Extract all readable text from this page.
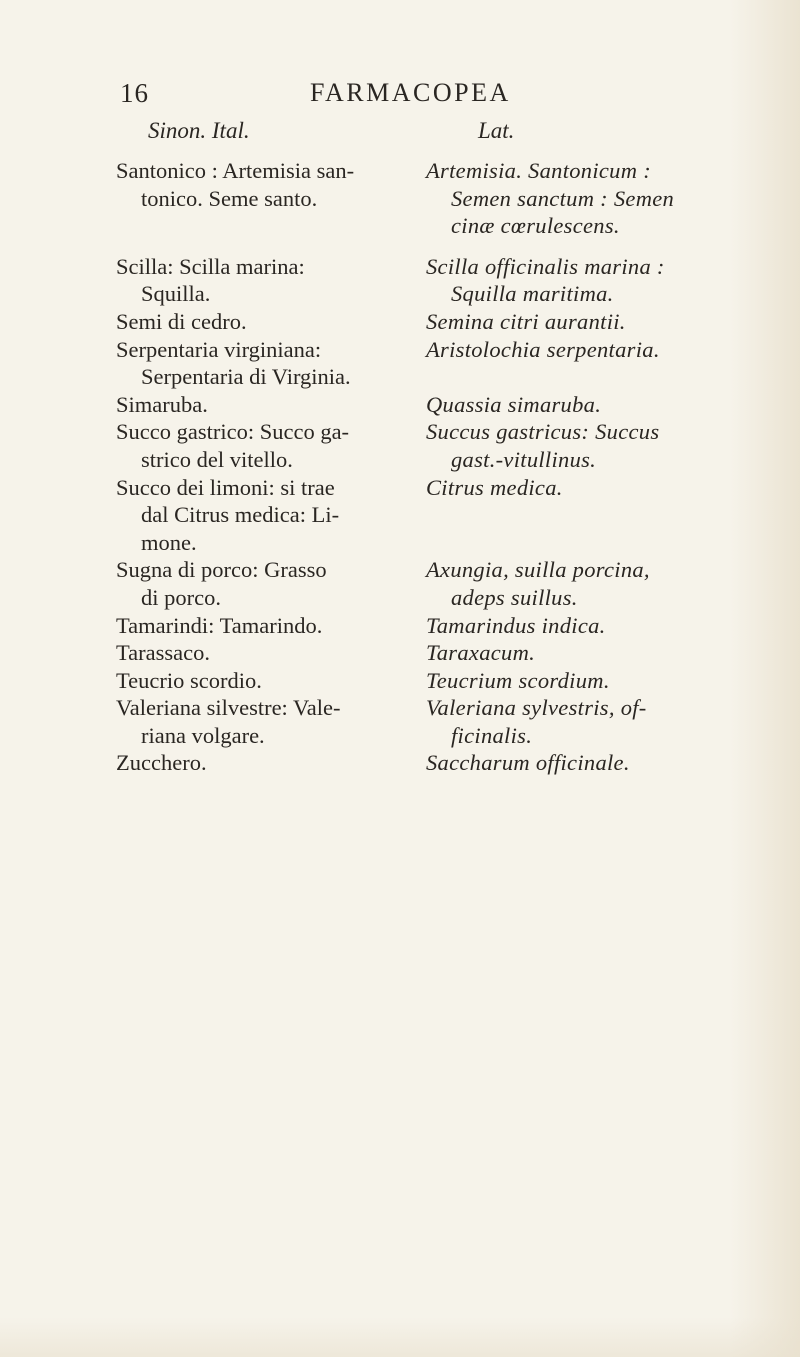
16	FARMACOPEA
Sinon. Ital.	Lat.
Santonico : Artemisia san-
tonico. Seme santo.
Scilla: Scilla marina:
Squilla.
Semi di cedro.
Serpentaria virginiana:
Serpentaria di Virginia.
Simaruba.
Succo gastrico: Succo ga-
strico del vitello.
Succo dei limoni: si trae
dal Citrus medica: Li-
mone.
Sugna di porco: Grasso
di porco.
Tamarindi: Tamarindo.
Tarassaco.
Teucrio scordio.
Valeriana silvestre: Vale-
riana volgare.
Zucchero.
Artemisia. Santonicum :
Semen sanctum : Semen
cinæ cœrulescens.
Scilla officinalis marina :
Squilla maritima.
Semina citri aurantii.
Aristolochia serpentaria.
Quassia simaruba.
Succus gastricus: Succus
gast.-vitullinus.
Citrus medica.
Axungia, suilla porcina,
adeps suillus.
Tamarindus indica.
Taraxacum.
Teucrium scordium.
Valeriana sylvestris, of-
ficinalis.
Saccharum officinale.
